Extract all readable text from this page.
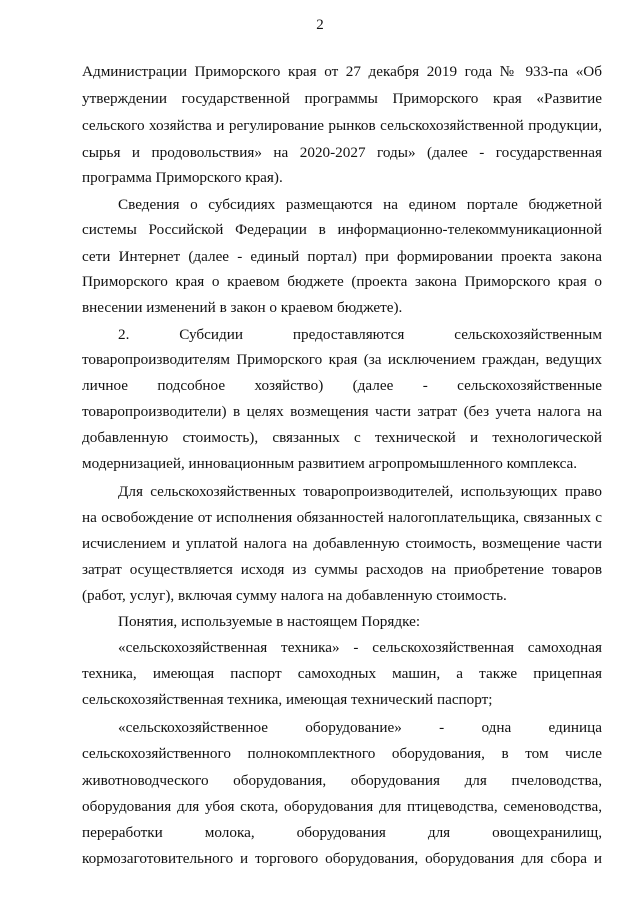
2
Администрации Приморского края от 27 декабря 2019 года № 933-па «Об
утверждении государственной программы Приморского края «Развитие
сельского хозяйства и регулирование рынков сельскохозяйственной продукции,
сырья и продовольствия» на 2020-2027 годы» (далее - государственная
программа Приморского края).
Сведения о субсидиях размещаются на едином портале бюджетной
системы Российской Федерации в информационно-телекоммуникационной
сети Интернет (далее - единый портал) при формировании проекта закона
Приморского края о краевом бюджете (проекта закона Приморского края о
внесении изменений в закон о краевом бюджете).
2. Субсидии предоставляются сельскохозяйственным
товаропроизводителям Приморского края (за исключением граждан, ведущих
личное подсобное хозяйство) (далее - сельскохозяйственные
товаропроизводители) в целях возмещения части затрат (без учета налога на
добавленную стоимость), связанных с технической и технологической
модернизацией, инновационным развитием агропромышленного комплекса.
Для сельскохозяйственных товаропроизводителей, использующих право
на освобождение от исполнения обязанностей налогоплательщика, связанных с
исчислением и уплатой налога на добавленную стоимость, возмещение части
затрат осуществляется исходя из суммы расходов на приобретение товаров
(работ, услуг), включая сумму налога на добавленную стоимость.
Понятия, используемые в настоящем Порядке:
«сельскохозяйственная техника» - сельскохозяйственная самоходная
техника, имеющая паспорт самоходных машин, а также прицепная
сельскохозяйственная техника, имеющая технический паспорт;
«сельскохозяйственное оборудование» - одна единица
сельскохозяйственного полнокомплектного оборудования, в том числе
животноводческого оборудования, оборудования для пчеловодства,
оборудования для убоя скота, оборудования для птицеводства, семеноводства,
переработки молока, оборудования для овощехранилищ,
кормозаготовительного и торгового оборудования, оборудования для сбора и
